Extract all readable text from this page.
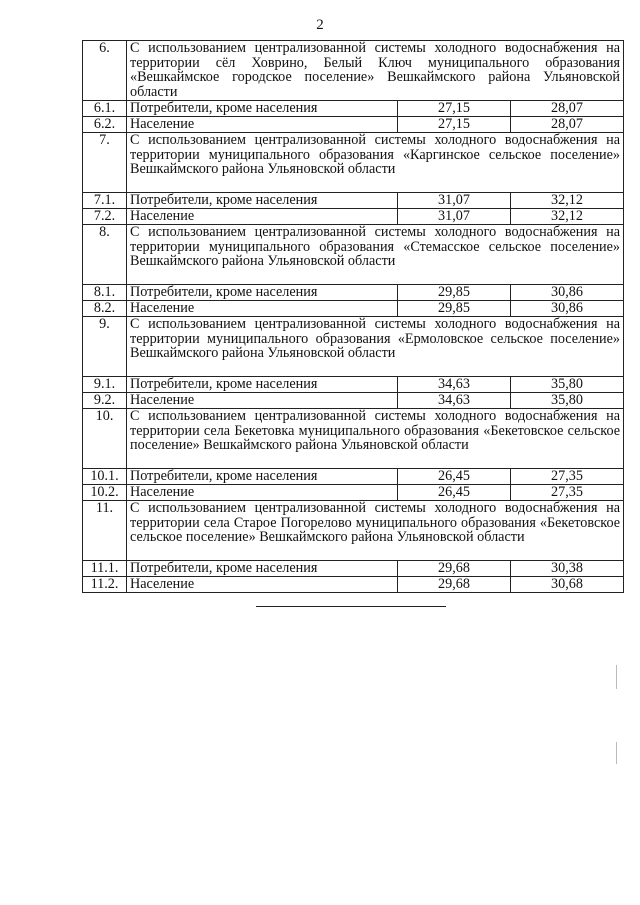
2
6.	С использованием централизованной системы холодного водоснабжения на территории сёл Ховрино, Белый Ключ муниципального образования «Вешкаймское городское поселение» Вешкаймского района Ульяновской области		
6.1.	Потребители, кроме населения	27,15	28,07
6.2.	Население	27,15	28,07
7.	С использованием централизованной системы холодного водоснабжения на территории муниципального образования «Каргинское сельское поселение» Вешкаймского района Ульяновской области		
7.1.	Потребители, кроме населения	31,07	32,12
7.2.	Население	31,07	32,12
8.	С использованием централизованной системы холодного водоснабжения на территории муниципального образования «Стемасское сельское поселение» Вешкаймского района Ульяновской области		
8.1.	Потребители, кроме населения	29,85	30,86
8.2.	Население	29,85	30,86
9.	С использованием централизованной системы холодного водоснабжения на территории муниципального образования «Ермоловское сельское поселение» Вешкаймского района Ульяновской области		
9.1.	Потребители, кроме населения	34,63	35,80
9.2.	Население	34,63	35,80
10.	С использованием централизованной системы холодного водоснабжения на территории села Бекетовка муниципального образования «Бекетовское сельское поселение» Вешкаймского района Ульяновской области		
10.1.	Потребители, кроме населения	26,45	27,35
10.2.	Население	26,45	27,35
11.	С использованием централизованной системы холодного водоснабжения на территории села Старое Погорелово муниципального образования «Бекетовское сельское поселение» Вешкаймского района Ульяновской области		
11.1.	Потребители, кроме населения	29,68	30,38
11.2.	Население	29,68	30,68
